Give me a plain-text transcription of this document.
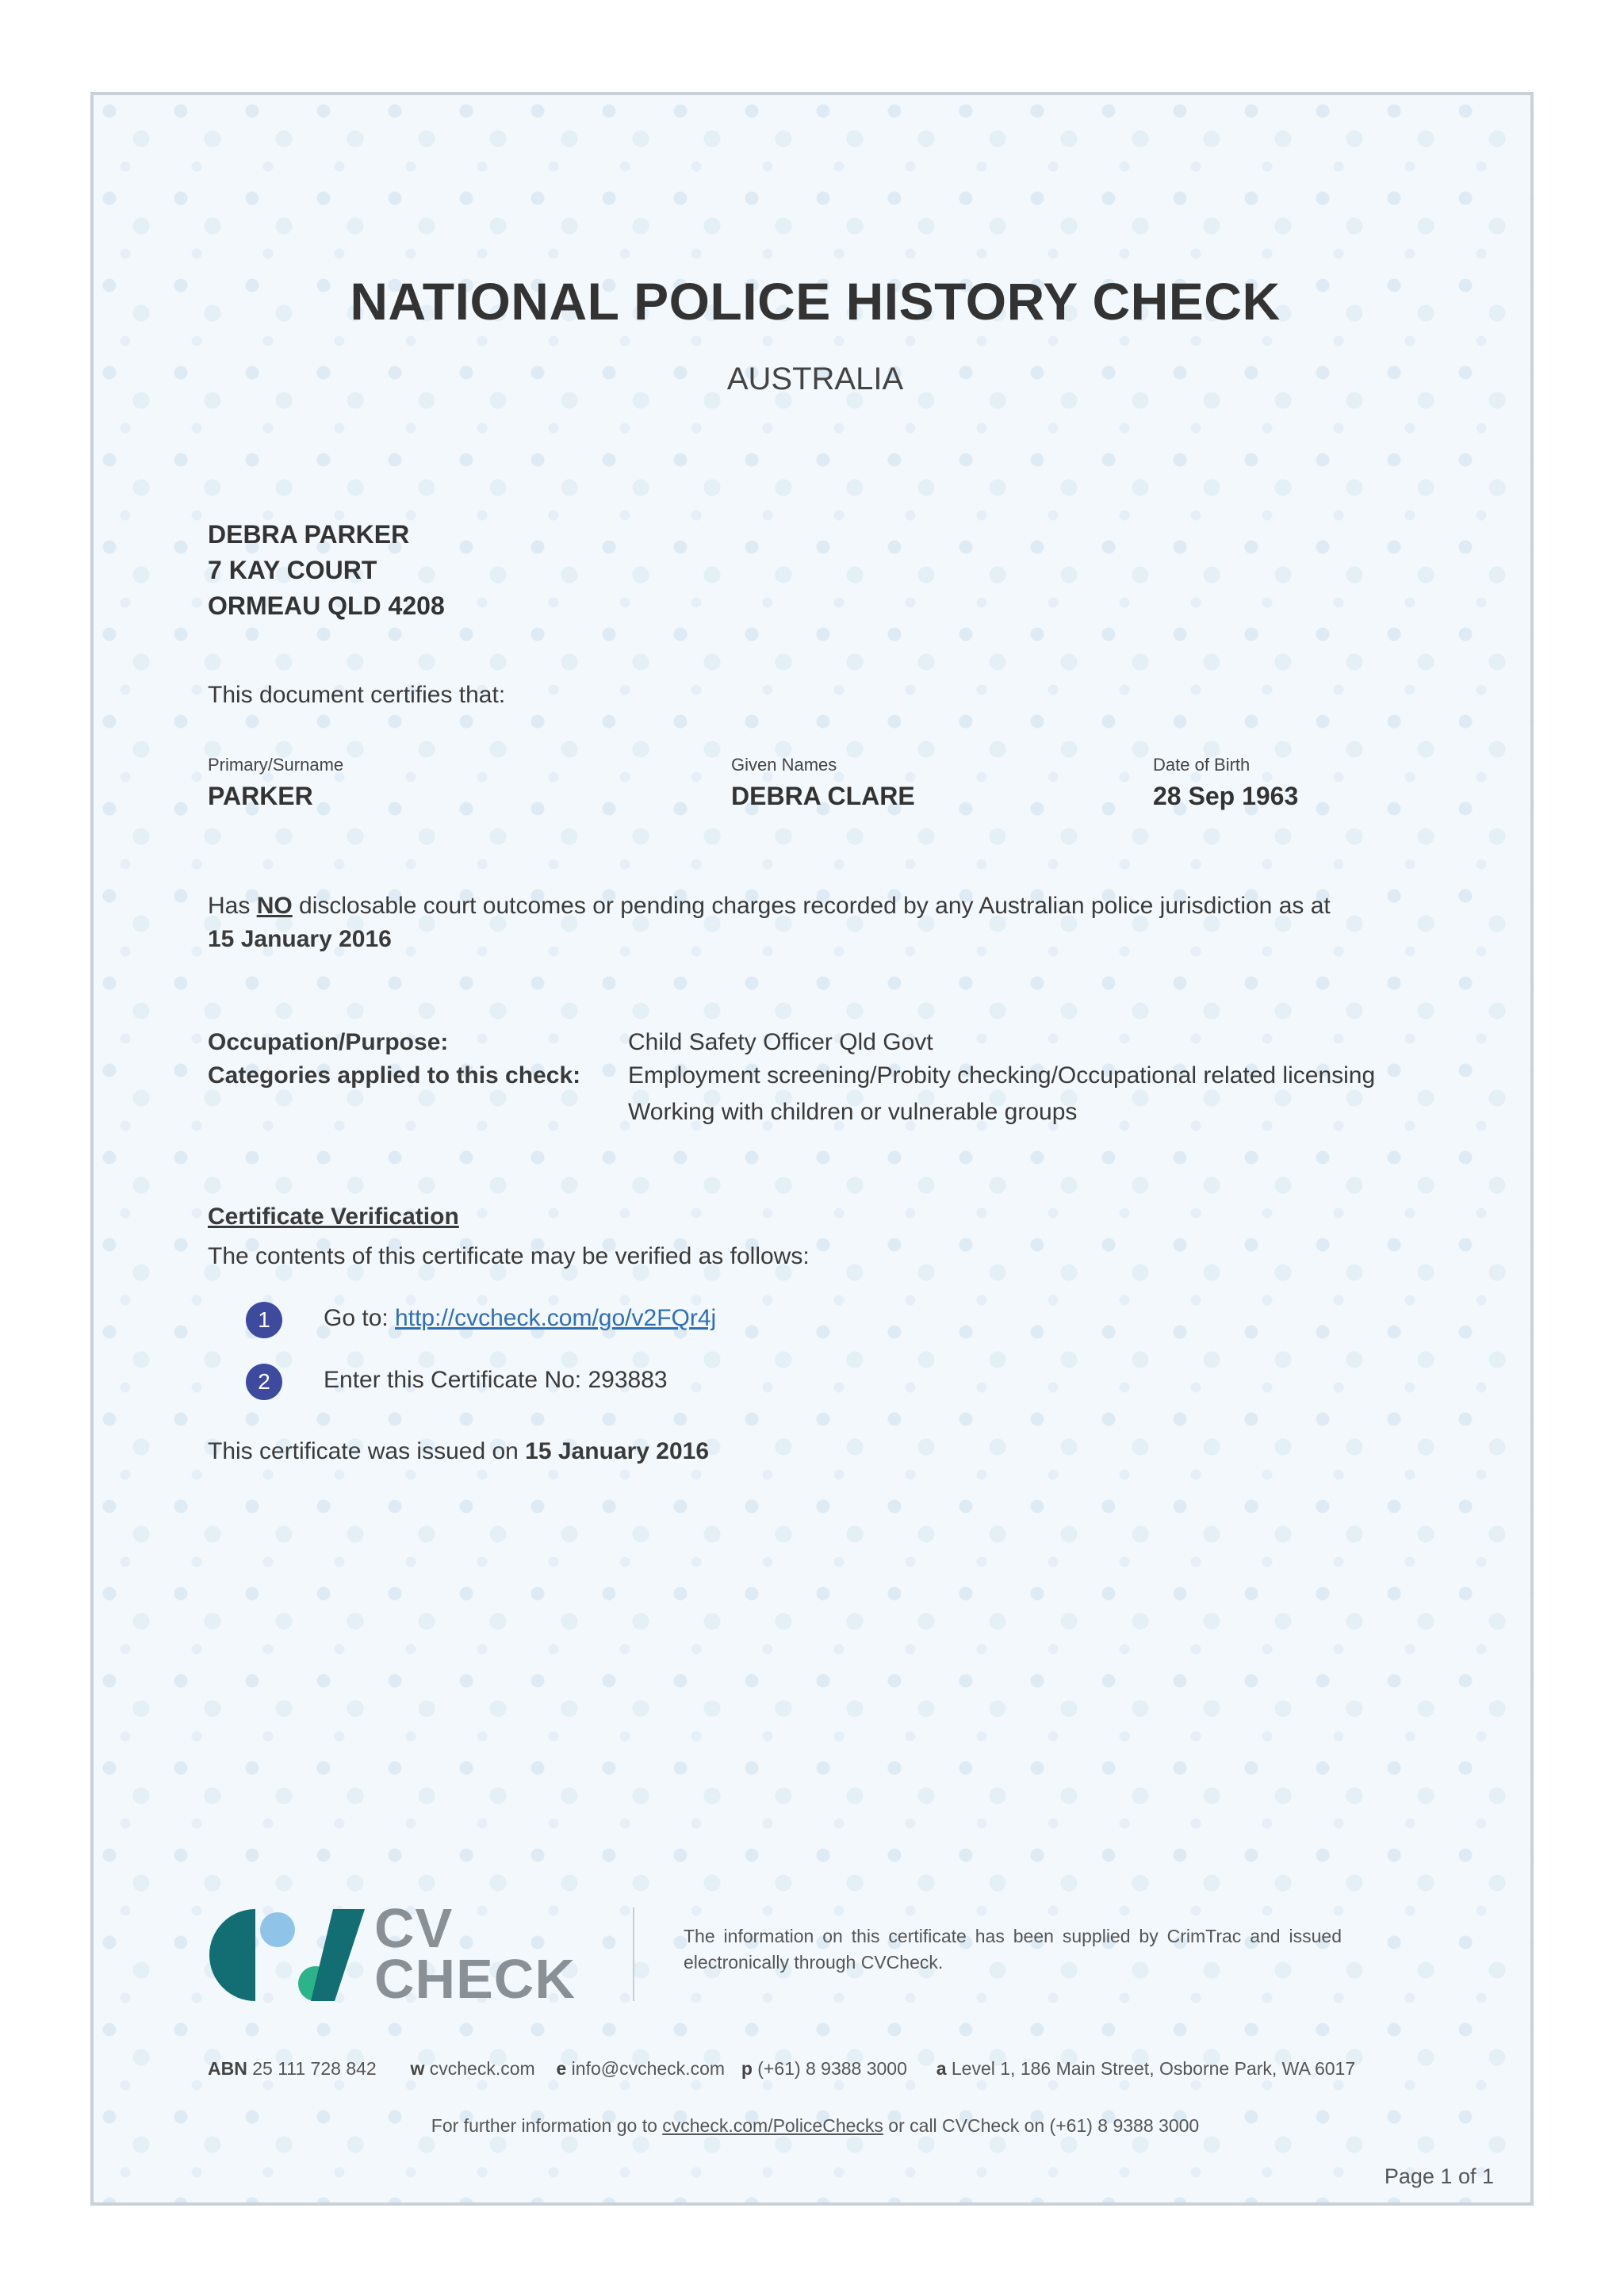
NATIONAL POLICE HISTORY CHECK
AUSTRALIA
DEBRA PARKER
7 KAY COURT
ORMEAU QLD 4208
This document certifies that:
Primary/Surname
PARKER
Given Names
DEBRA CLARE
Date of Birth
28 Sep 1963
Has NO disclosable court outcomes or pending charges recorded by any Australian police jurisdiction as at
15 January 2016
Occupation/Purpose:	Child Safety Officer Qld Govt
Categories applied to this check: Employment screening/Probity checking/Occupational related licensing
Working with children or vulnerable groups
Certificate Verification
The contents of this certificate may be verified as follows:
1	Go to: http://cvcheck.com/go/v2FQr4j
2	Enter this Certificate No: 293883
This certificate was issued on 15 January 2016
CV
CHECK
The information on this certificate has been supplied by CrimTrac and issued electronically through CVCheck.
ABN 25 111 728 842 w cvcheck.com e info@cvcheck.com p (+61) 8 9388 3000 a Level 1, 186 Main Street, Osborne Park, WA 6017
For further information go to cvcheck.com/PoliceChecks or call CVCheck on (+61) 8 9388 3000
Page 1 of 1
